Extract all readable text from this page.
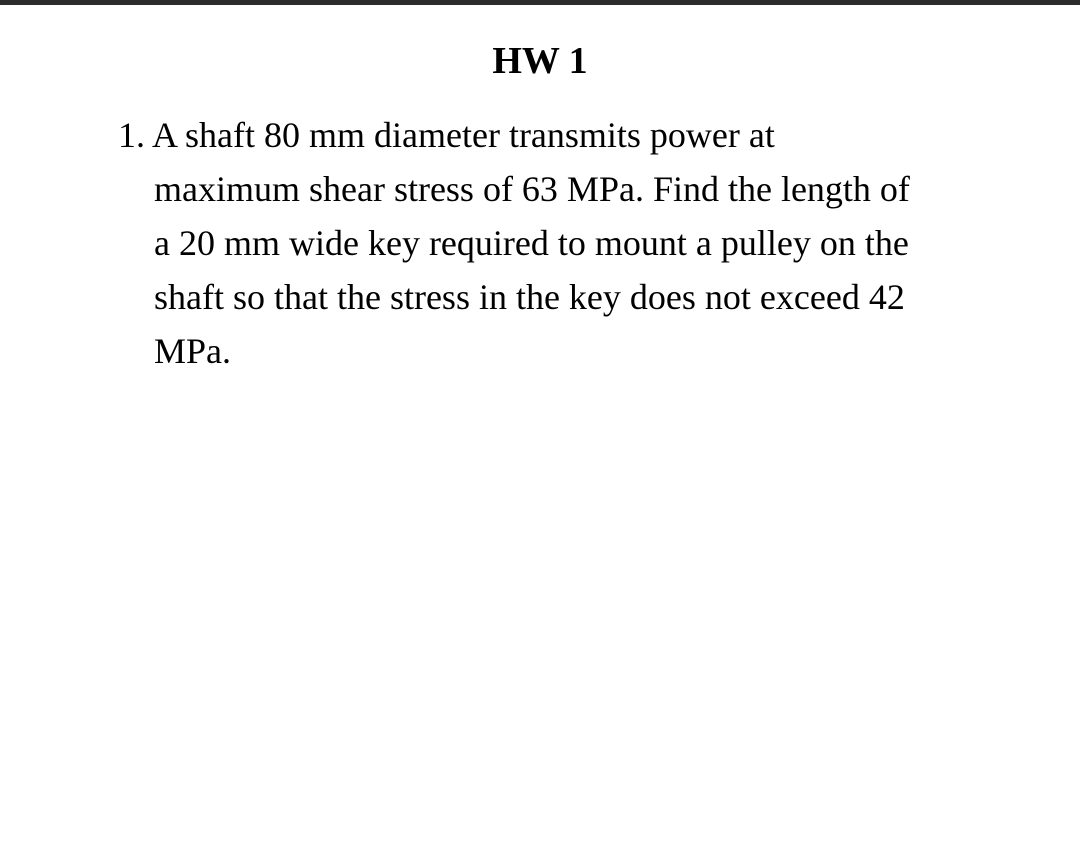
HW 1
1. A shaft 80 mm diameter transmits power at
maximum shear stress of 63 MPa. Find the length of
a 20 mm wide key required to mount a pulley on the
shaft so that the stress in the key does not exceed 42
MPa.
